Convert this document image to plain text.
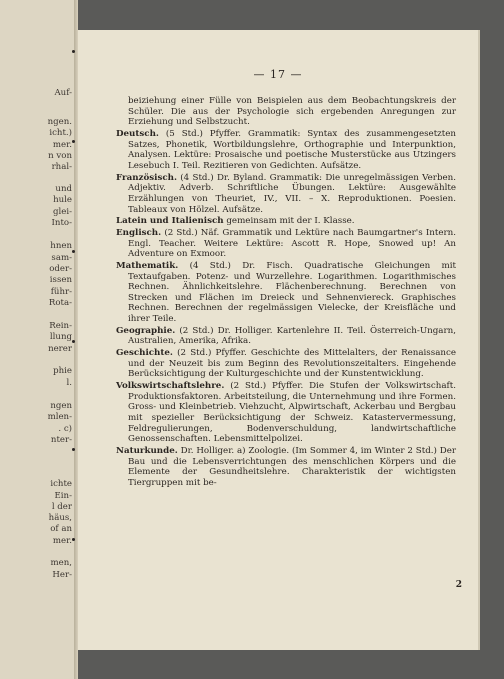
Auf-
ngen.
icht.)
mer.
n von
rhal-
und
hule
glei-
Into-
hnen
sam-
oder-
issen
führ-
Rota-
Rein-
llung
nerer
phie
l.
ngen
mlen-
. c)
nter-
ichte
Ein-
l der
häus,
of an
mer.
men,
Her-
— 17 —

beiziehung einer Fülle von Beispielen aus dem Beobachtungskreis der Schüler. Die aus der Psychologie sich ergebenden Anregungen zur Erziehung und Selbstzucht.

Deutsch. (5 Std.) Pfyffer. Grammatik: Syntax des zusammengesetzten Satzes, Phonetik, Wortbildungslehre, Orthographie und Interpunktion, Analysen. Lektüre: Prosaische und poetische Musterstücke aus Utzingers Lesebuch I. Teil. Rezitieren von Gedichten. Aufsätze.

Französisch. (4 Std.) Dr. Byland. Grammatik: Die unregelmässigen Verben. Adjektiv. Adverb. Schriftliche Übungen. Lektüre: Ausgewählte Erzählungen von Theuriet, IV., VII. – X. Reproduktionen. Poesien. Tableaux von Hölzel. Aufsätze.

Latein und Italienisch gemeinsam mit der I. Klasse.

Englisch. (2 Std.) Näf. Grammatik und Lektüre nach Baumgartner's Intern. Engl. Teacher. Weitere Lektüre: Ascott R. Hope, Snowed up! An Adventure on Exmoor.

Mathematik. (4 Std.) Dr. Fisch. Quadratische Gleichungen mit Textaufgaben. Potenz- und Wurzellehre. Logarithmen. Logarithmisches Rechnen. Ähnlichkeitslehre. Flächenberechnung. Berechnen von Strecken und Flächen im Dreieck und Sehnenviereck. Graphisches Rechnen. Berechnen der regelmässigen Vielecke, der Kreisfläche und ihrer Teile.

Geographie. (2 Std.) Dr. Holliger. Kartenlehre II. Teil. Österreich-Ungarn, Australien, Amerika, Afrika.

Geschichte. (2 Std.) Pfyffer. Geschichte des Mittelalters, der Renaissance und der Neuzeit bis zum Beginn des Revolutionszeitalters. Eingehende Berücksichtigung der Kulturgeschichte und der Kunstentwicklung.

Volkswirtschaftslehre. (2 Std.) Pfyffer. Die Stufen der Volkswirtschaft. Produktionsfaktoren. Arbeitsteilung, die Unternehmung und ihre Formen. Gross- und Kleinbetrieb. Viehzucht, Alpwirtschaft, Ackerbau und Bergbau mit spezieller Berücksichtigung der Schweiz. Katastervermessung, Feldregulierungen, Bodenverschuldung, landwirtschaftliche Genossenschaften. Lebensmittelpolizei.

Naturkunde. Dr. Holliger. a) Zoologie. (Im Sommer 4, im Winter 2 Std.) Der Bau und die Lebensverrichtungen des menschlichen Körpers und die Elemente der Gesundheitslehre. Charakteristik der wichtigsten Tiergruppen mit be-

2
